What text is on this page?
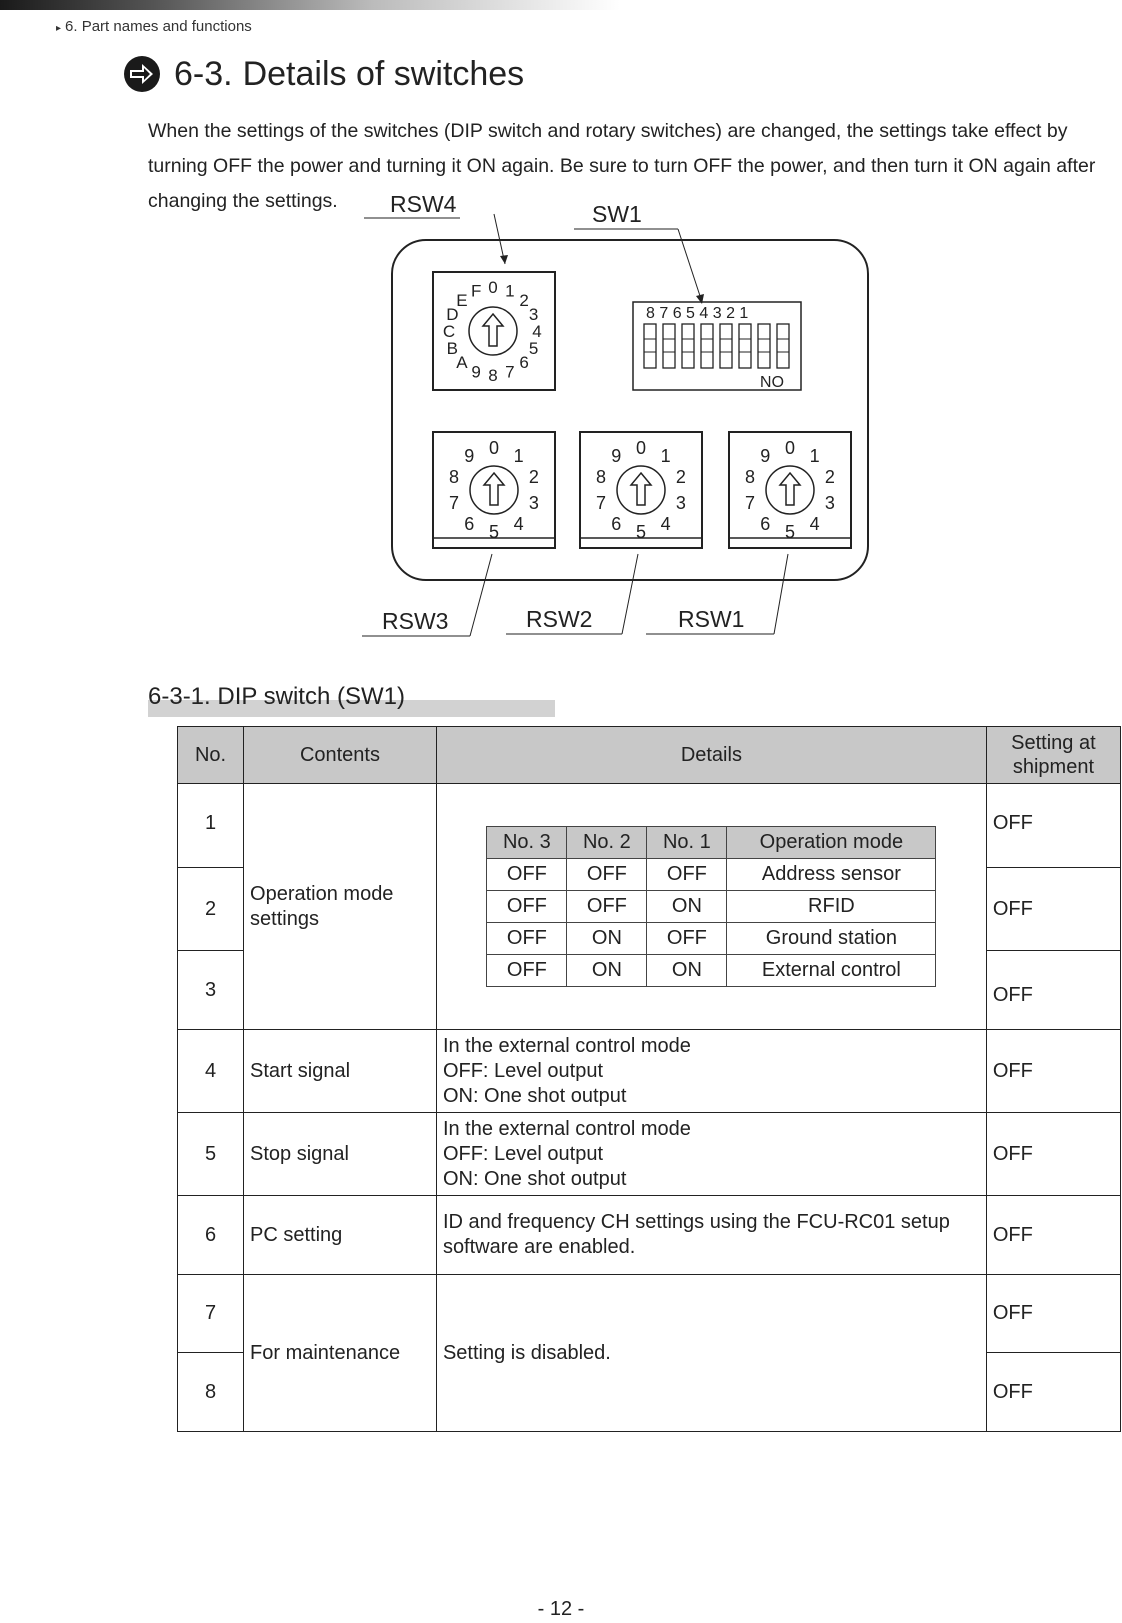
▸ 6. Part names and functions
6-3. Details of switches
When the settings of the switches (DIP switch and rotary switches) are changed, the settings take effect by turning OFF the power and turning it ON again. Be sure to turn OFF the power, and then turn it ON again after changing the settings.
0 1
2
3
4
5
6
7
8
9
A
B
C
D
E
F
8 7 6 5 4 3 2 1
ON
0 1
2
3
4
5
6
7
8
9	0 1
2
3
4
5
6
7
8
9	0 1
2
3
4
5
6
7
8
9
RSW4	SW1
RSW3	RSW2	RSW1
6-3-1. DIP switch (SW1)
No.	Contents	Details	Setting at shipment
1	Operation mode settings	
No. 3	No. 2	No. 1	Operation mode
OFF	OFF	OFF	Address sensor
OFF	OFF	ON	RFID
OFF	ON	OFF	Ground station
OFF	ON	ON	External control
	OFF
2	OFF
3	OFF
4	Start signal	
In the external control mode
OFF: Level output
ON: One shot output
	OFF
5	Stop signal	
In the external control mode
OFF: Level output
ON: One shot output
	OFF
6	PC setting	
ID and frequency CH settings using the FCU-RC01 setup
software are enabled.
	OFF
7	For maintenance	Setting is disabled.	OFF
8	OFF
- 12 -
